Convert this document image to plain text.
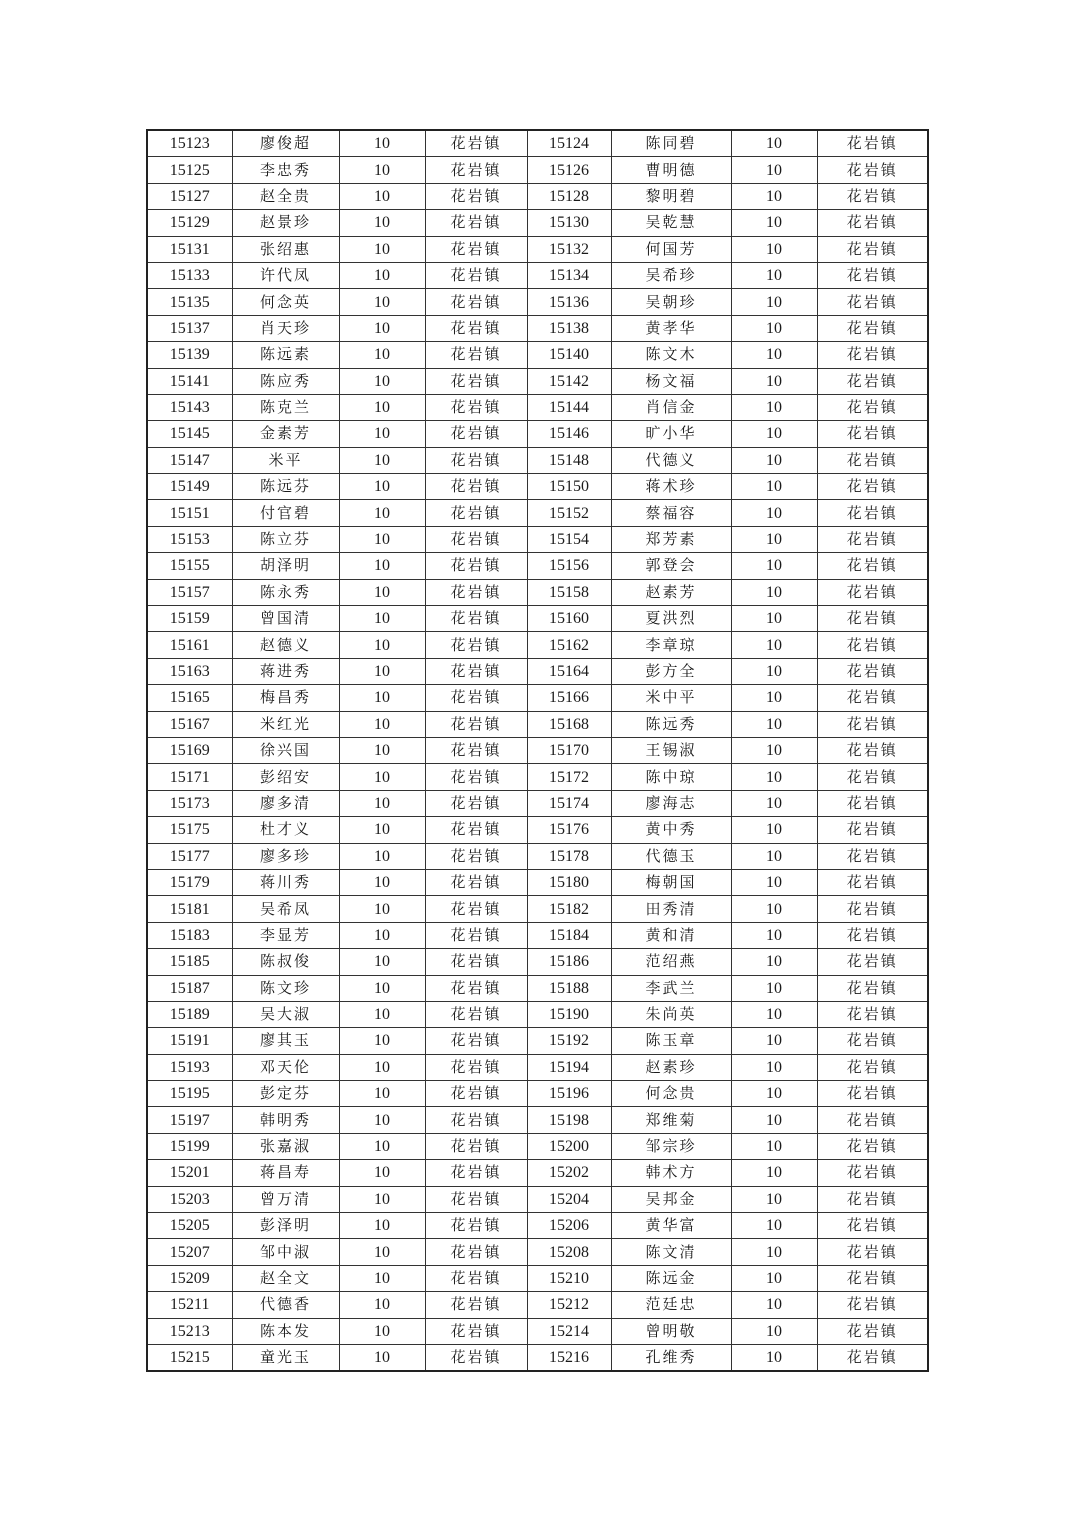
15123	廖俊超	10	花岩镇	15124	陈同碧	10	花岩镇
15125	李忠秀	10	花岩镇	15126	曹明德	10	花岩镇
15127	赵全贵	10	花岩镇	15128	黎明碧	10	花岩镇
15129	赵景珍	10	花岩镇	15130	吴乾慧	10	花岩镇
15131	张绍惠	10	花岩镇	15132	何国芳	10	花岩镇
15133	许代凤	10	花岩镇	15134	吴希珍	10	花岩镇
15135	何念英	10	花岩镇	15136	吴朝珍	10	花岩镇
15137	肖天珍	10	花岩镇	15138	黄孝华	10	花岩镇
15139	陈远素	10	花岩镇	15140	陈文木	10	花岩镇
15141	陈应秀	10	花岩镇	15142	杨文福	10	花岩镇
15143	陈克兰	10	花岩镇	15144	肖信金	10	花岩镇
15145	金素芳	10	花岩镇	15146	旷小华	10	花岩镇
15147	米平	10	花岩镇	15148	代德义	10	花岩镇
15149	陈远芬	10	花岩镇	15150	蒋术珍	10	花岩镇
15151	付官碧	10	花岩镇	15152	蔡福容	10	花岩镇
15153	陈立芬	10	花岩镇	15154	郑芳素	10	花岩镇
15155	胡泽明	10	花岩镇	15156	郭登会	10	花岩镇
15157	陈永秀	10	花岩镇	15158	赵素芳	10	花岩镇
15159	曾国清	10	花岩镇	15160	夏洪烈	10	花岩镇
15161	赵德义	10	花岩镇	15162	李章琼	10	花岩镇
15163	蒋进秀	10	花岩镇	15164	彭方全	10	花岩镇
15165	梅昌秀	10	花岩镇	15166	米中平	10	花岩镇
15167	米红光	10	花岩镇	15168	陈远秀	10	花岩镇
15169	徐兴国	10	花岩镇	15170	王锡淑	10	花岩镇
15171	彭绍安	10	花岩镇	15172	陈中琼	10	花岩镇
15173	廖多清	10	花岩镇	15174	廖海志	10	花岩镇
15175	杜才义	10	花岩镇	15176	黄中秀	10	花岩镇
15177	廖多珍	10	花岩镇	15178	代德玉	10	花岩镇
15179	蒋川秀	10	花岩镇	15180	梅朝国	10	花岩镇
15181	吴希凤	10	花岩镇	15182	田秀清	10	花岩镇
15183	李显芳	10	花岩镇	15184	黄和清	10	花岩镇
15185	陈叔俊	10	花岩镇	15186	范绍燕	10	花岩镇
15187	陈文珍	10	花岩镇	15188	李武兰	10	花岩镇
15189	吴大淑	10	花岩镇	15190	朱尚英	10	花岩镇
15191	廖其玉	10	花岩镇	15192	陈玉章	10	花岩镇
15193	邓天伦	10	花岩镇	15194	赵素珍	10	花岩镇
15195	彭定芬	10	花岩镇	15196	何念贵	10	花岩镇
15197	韩明秀	10	花岩镇	15198	郑维菊	10	花岩镇
15199	张嘉淑	10	花岩镇	15200	邹宗珍	10	花岩镇
15201	蒋昌寿	10	花岩镇	15202	韩术方	10	花岩镇
15203	曾万清	10	花岩镇	15204	吴邦金	10	花岩镇
15205	彭泽明	10	花岩镇	15206	黄华富	10	花岩镇
15207	邹中淑	10	花岩镇	15208	陈文清	10	花岩镇
15209	赵全文	10	花岩镇	15210	陈远金	10	花岩镇
15211	代德香	10	花岩镇	15212	范廷忠	10	花岩镇
15213	陈本发	10	花岩镇	15214	曾明敬	10	花岩镇
15215	童光玉	10	花岩镇	15216	孔维秀	10	花岩镇
